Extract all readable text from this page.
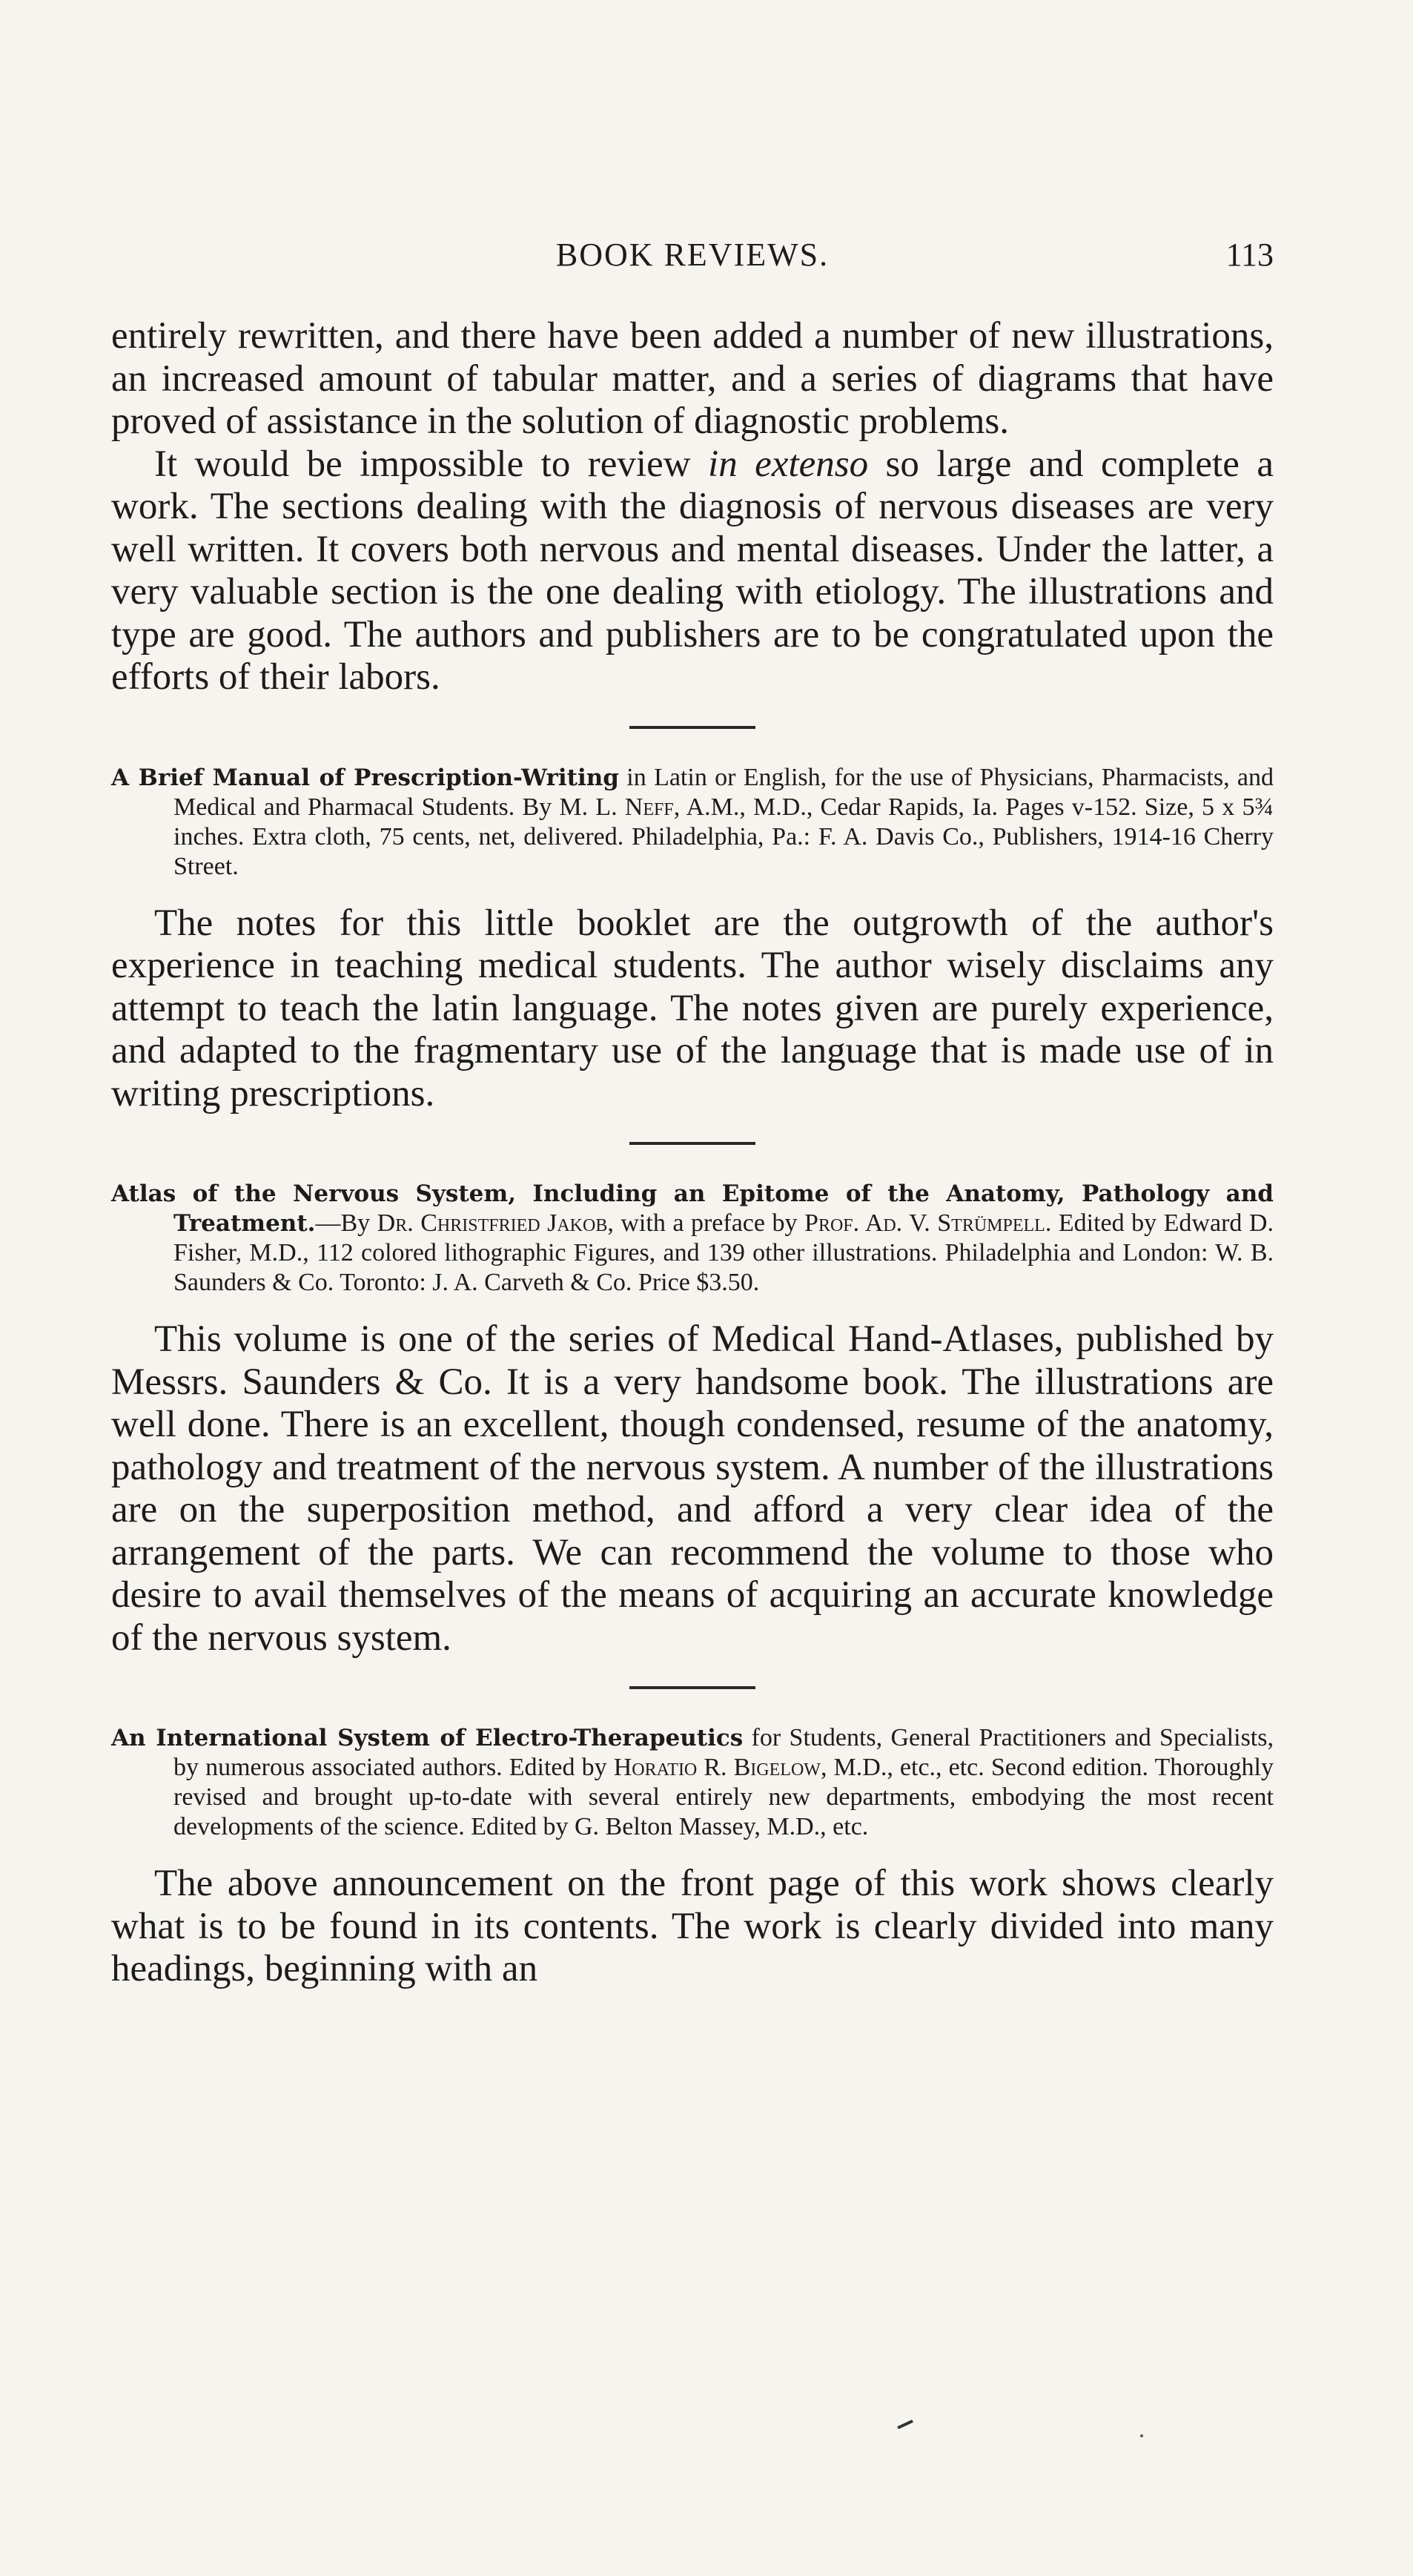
BOOK REVIEWS.	113

entirely rewritten, and there have been added a number of new illustrations, an increased amount of tabular matter, and a series of diagrams that have proved of assistance in the solution of diagnostic problems.

It would be impossible to review in extenso so large and complete a work. The sections dealing with the diagnosis of nervous diseases are very well written. It covers both nervous and mental diseases. Under the latter, a very valuable section is the one dealing with etiology. The illustrations and type are good. The authors and publishers are to be congratulated upon the efforts of their labors.

A Brief Manual of Prescription-Writing in Latin or English, for the use of Physicians, Pharmacists, and Medical and Pharmacal Students. By M. L. Neff, A.M., M.D., Cedar Rapids, Ia. Pages v-152. Size, 5 x 5¾ inches. Extra cloth, 75 cents, net, delivered. Philadelphia, Pa.: F. A. Davis Co., Publishers, 1914-16 Cherry Street.

The notes for this little booklet are the outgrowth of the author's experience in teaching medical students. The author wisely disclaims any attempt to teach the latin language. The notes given are purely experience, and adapted to the fragmentary use of the language that is made use of in writing prescriptions.

Atlas of the Nervous System, Including an Epitome of the Anatomy, Pathology and Treatment.—By Dr. Christfried Jakob, with a preface by Prof. Ad. V. Strümpell. Edited by Edward D. Fisher, M.D., 112 colored lithographic Figures, and 139 other illustrations. Philadelphia and London: W. B. Saunders & Co. Toronto: J. A. Carveth & Co. Price $3.50.

This volume is one of the series of Medical Hand-Atlases, published by Messrs. Saunders & Co. It is a very handsome book. The illustrations are well done. There is an excellent, though condensed, resume of the anatomy, pathology and treatment of the nervous system. A number of the illustrations are on the superposition method, and afford a very clear idea of the arrangement of the parts. We can recommend the volume to those who desire to avail themselves of the means of acquiring an accurate knowledge of the nervous system.

An International System of Electro-Therapeutics for Students, General Practitioners and Specialists, by numerous associated authors. Edited by Horatio R. Bigelow, M.D., etc., etc. Second edition. Thoroughly revised and brought up-to-date with several entirely new departments, embodying the most recent developments of the science. Edited by G. Belton Massey, M.D., etc.

The above announcement on the front page of this work shows clearly what is to be found in its contents. The work is clearly divided into many headings, beginning with an
